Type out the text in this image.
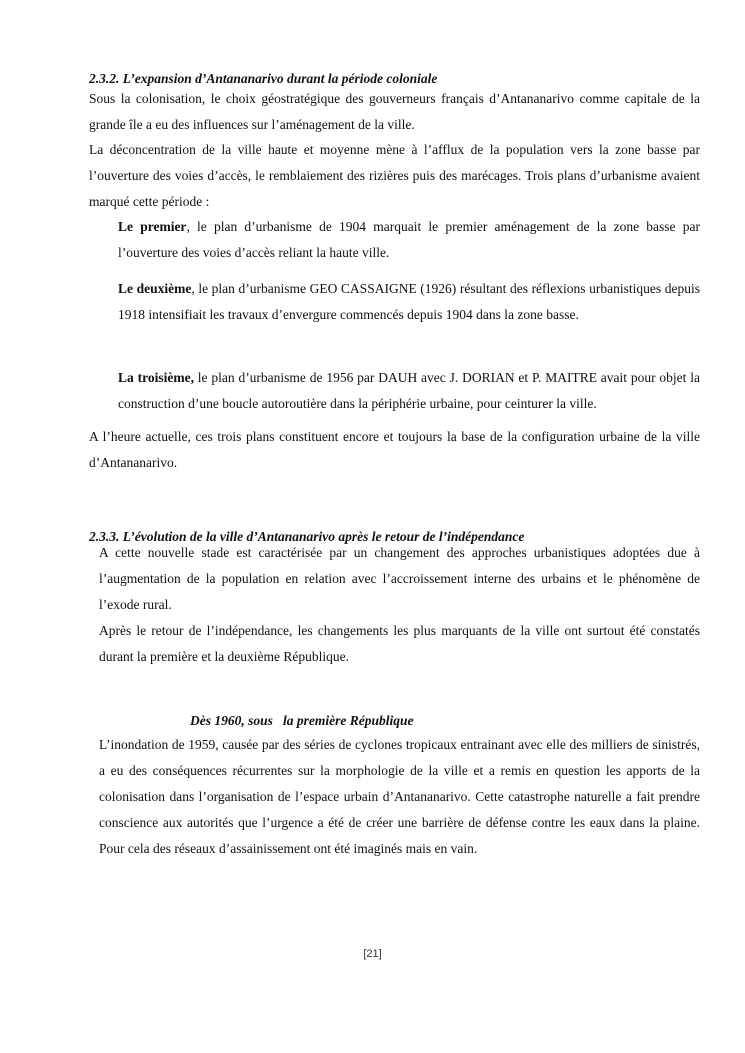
2.3.2. L’expansion d’Antananarivo durant la période coloniale

Sous la colonisation, le choix géostratégique des gouverneurs français d’Antananarivo comme capitale de la grande île a eu des influences sur l’aménagement de la ville.

La déconcentration de la ville haute et moyenne mène à l’afflux de la population vers la zone basse par l’ouverture des voies d’accès, le remblaiement des rizières puis des marécages. Trois plans d’urbanisme avaient marqué cette période :

Le premier, le plan d’urbanisme de 1904 marquait le premier aménagement de la zone basse par l’ouverture des voies d’accès reliant la haute ville.

Le deuxième, le plan d’urbanisme GEO CASSAIGNE (1926) résultant des réflexions urbanistiques depuis 1918 intensifiait les travaux d’envergure commencés depuis 1904 dans la zone basse.

La troisième, le plan d’urbanisme de 1956 par DAUH avec J. DORIAN et P. MAITRE avait pour objet la construction d’une boucle autoroutière dans la périphérie urbaine, pour ceinturer la ville.

A l’heure actuelle, ces trois plans constituent encore et toujours la base de la configuration urbaine de la ville d’Antananarivo.

2.3.3. L’évolution de la ville d’Antananarivo après le retour de l’indépendance

A cette nouvelle stade est caractérisée par un changement des approches urbanistiques adoptées due à l’augmentation de la population en relation avec l’accroissement interne des urbains et le phénomène de l’exode rural.

Après le retour de l’indépendance, les changements les plus marquants de la ville ont surtout été constatés durant la première et la deuxième République.

Dès 1960, sous   la première République

L’inondation de 1959, causée par des séries de cyclones tropicaux entrainant avec elle des milliers de sinistrés, a eu des conséquences récurrentes sur la morphologie de la ville et a remis en question les apports de la colonisation dans l’organisation de l’espace urbain d’Antananarivo. Cette catastrophe naturelle a fait prendre conscience aux autorités que l’urgence a été de créer une barrière de défense contre les eaux dans la plaine. Pour cela des réseaux d’assainissement ont été imaginés mais en vain.

[21]
